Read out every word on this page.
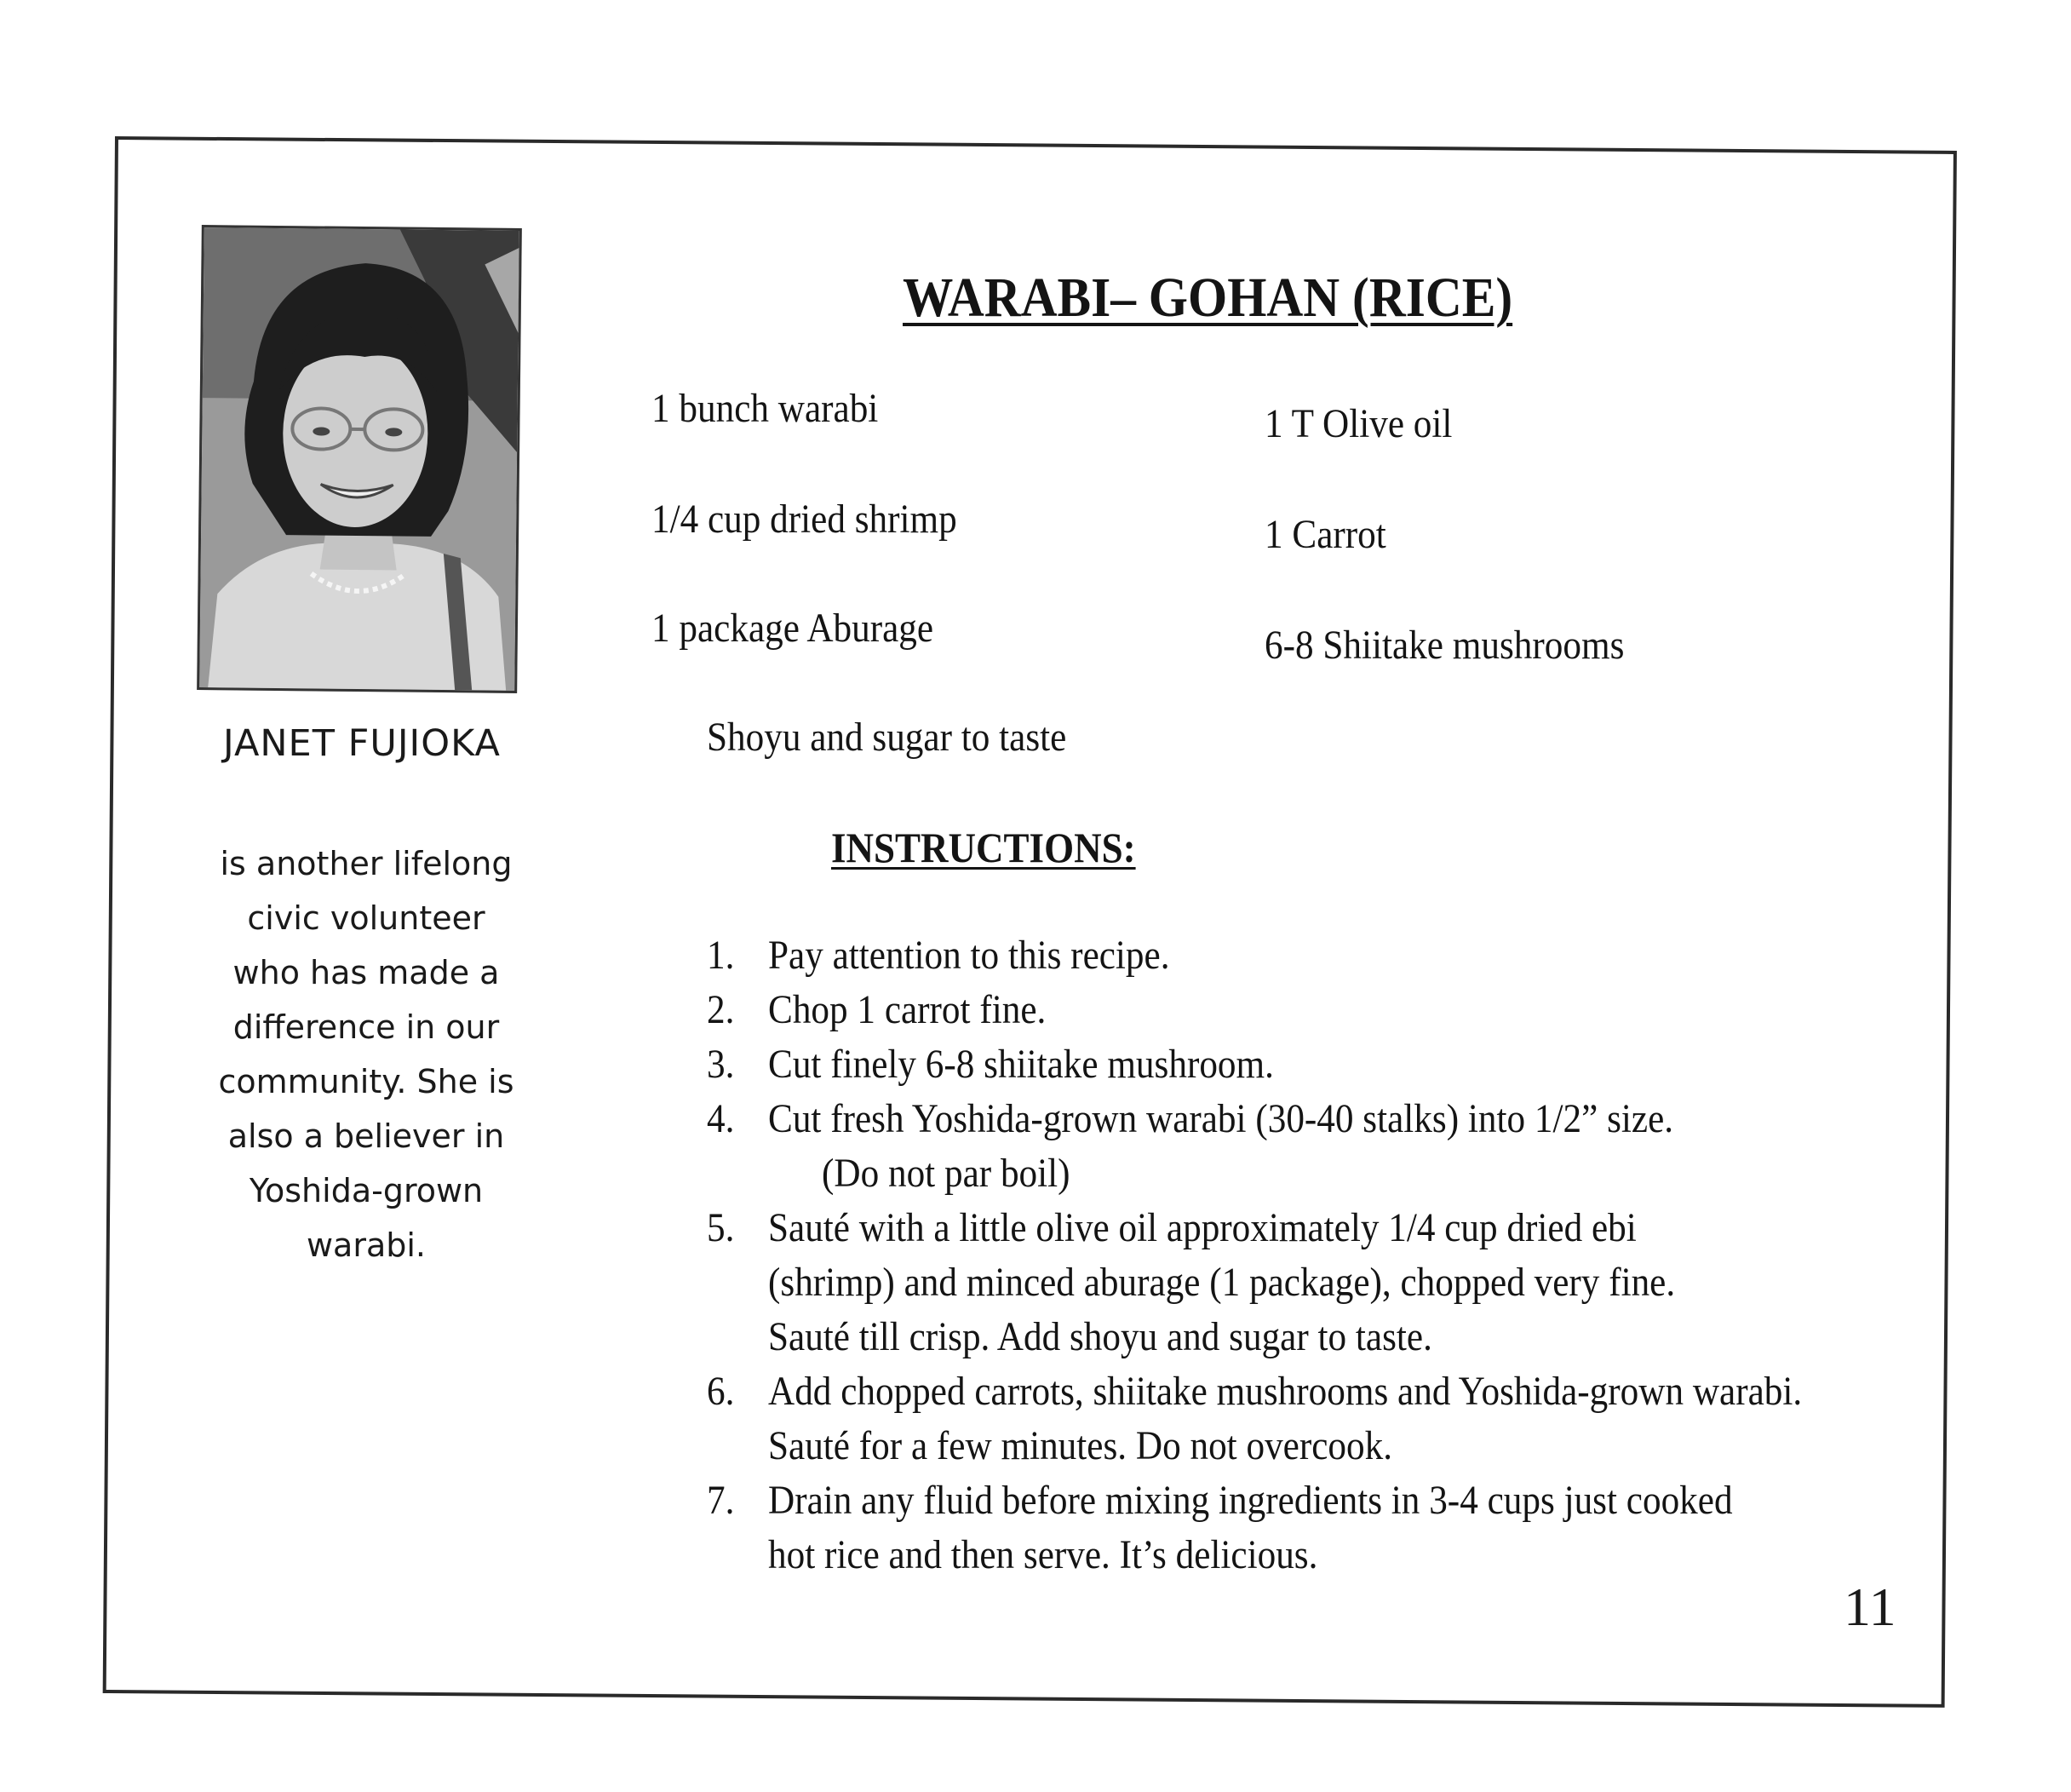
JANET FUJIOKA

is another lifelong
civic volunteer
who has made a
difference in our
community. She is
also a believer in
Yoshida-grown
warabi.

WARABI– GOHAN (RICE)
1 bunch warabi
1/4 cup dried shrimp
1 package Aburage
1 T Olive oil
1 Carrot
6-8 Shiitake mushrooms
Shoyu and sugar to taste
INSTRUCTIONS:
1. Pay attention to this recipe.
2. Chop 1 carrot fine.
3. Cut finely 6-8 shiitake mushroom.
4. Cut fresh Yoshida-grown warabi (30-40 stalks) into 1/2” size.
(Do not par boil)
5. Sauté with a little olive oil approximately 1/4 cup dried ebi
(shrimp) and minced aburage (1 package), chopped very fine.
Sauté till crisp. Add shoyu and sugar to taste.
6. Add chopped carrots, shiitake mushrooms and Yoshida-grown warabi.
Sauté for a few minutes. Do not overcook.
7. Drain any fluid before mixing ingredients in 3-4 cups just cooked
hot rice and then serve. It’s delicious.
11
